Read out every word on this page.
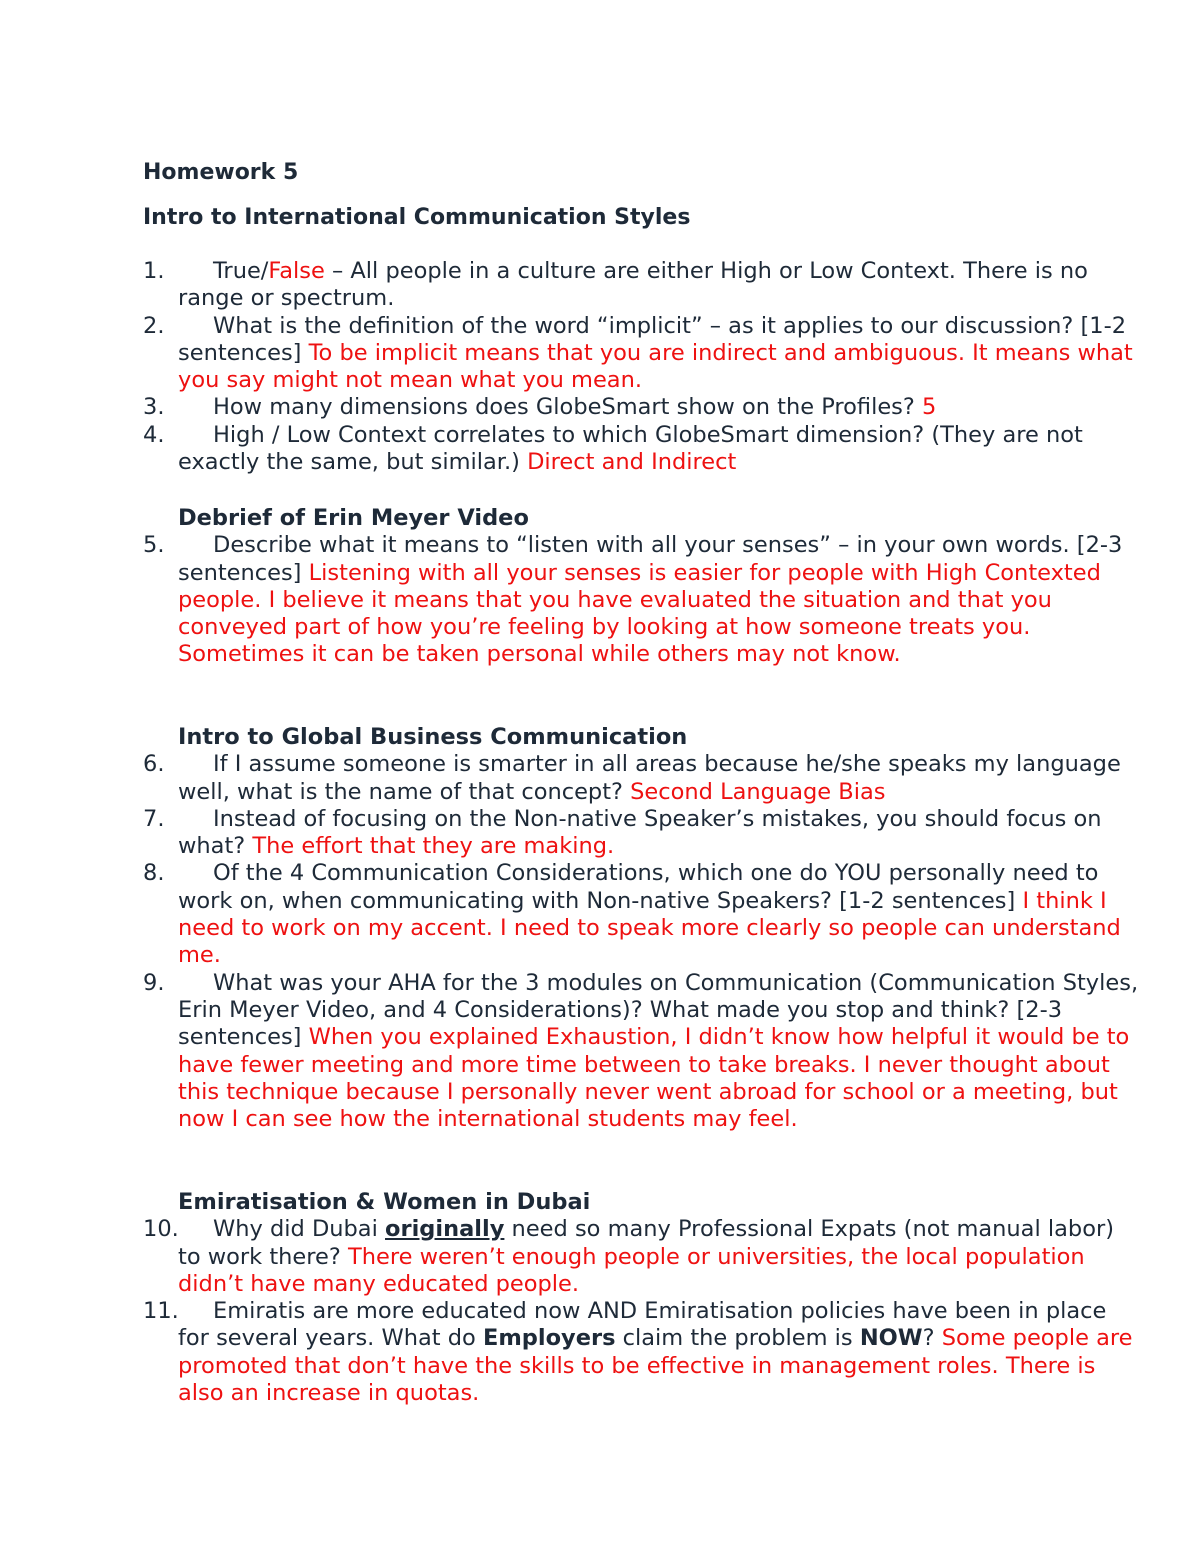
Homework 5

Intro to International Communication Styles

1.	True/False – All people in a culture are either High or Low Context. There is no range or spectrum.
2.	What is the definition of the word “implicit” – as it applies to our discussion? [1-2 sentences] To be implicit means that you are indirect and ambiguous. It means what you say might not mean what you mean.
3.	How many dimensions does GlobeSmart show on the Profiles? 5
4.	High / Low Context correlates to which GlobeSmart dimension? (They are not exactly the same, but similar.) Direct and Indirect

Debrief of Erin Meyer Video

5.	Describe what it means to “listen with all your senses” – in your own words. [2-3 sentences] Listening with all your senses is easier for people with High Contexted people. I believe it means that you have evaluated the situation and that you conveyed part of how you’re feeling by looking at how someone treats you. Sometimes it can be taken personal while others may not know.

Intro to Global Business Communication

6.	If I assume someone is smarter in all areas because he/she speaks my language well, what is the name of that concept? Second Language Bias
7.	Instead of focusing on the Non-native Speaker’s mistakes, you should focus on what? The effort that they are making.
8.	Of the 4 Communication Considerations, which one do YOU personally need to work on, when communicating with Non-native Speakers? [1-2 sentences] I think I need to work on my accent. I need to speak more clearly so people can understand me.
9.	What was your AHA for the 3 modules on Communication (Communication Styles, Erin Meyer Video, and 4 Considerations)? What made you stop and think? [2-3 sentences] When you explained Exhaustion, I didn’t know how helpful it would be to have fewer meeting and more time between to take breaks. I never thought about this technique because I personally never went abroad for school or a meeting, but now I can see how the international students may feel.

Emiratisation & Women in Dubai

10.	Why did Dubai originally need so many Professional Expats (not manual labor) to work there? There weren’t enough people or universities, the local population didn’t have many educated people.
11.	Emiratis are more educated now AND Emiratisation policies have been in place for several years. What do Employers claim the problem is NOW? Some people are promoted that don’t have the skills to be effective in management roles. There is also an increase in quotas.
